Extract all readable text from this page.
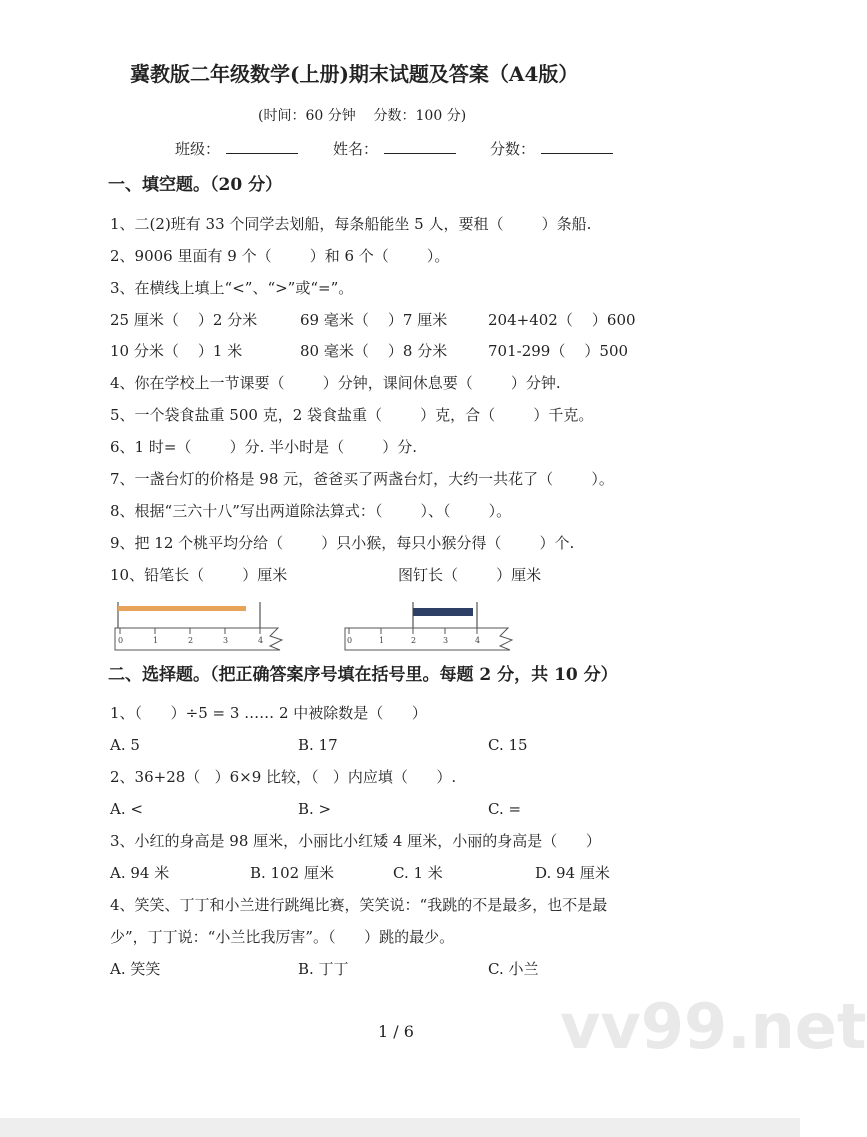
冀教版二年级数学(上册)期末试题及答案（A4版）
(时间：60 分钟    分数：100 分)
班级：	姓名：	分数：
一、填空题。（20 分）
1、二(2)班有 33 个同学去划船，每条船能坐 5 人，要租（        ）条船.
2、9006 里面有 9 个（        ）和 6 个（        ）。
3、在横线上填上“<”、“>”或“=”。
25 厘米（    ）2 分米	69 毫米（    ）7 厘米	204+402（    ）600
10 分米（    ）1 米	80 毫米（    ）8 分米	701-299（    ）500
4、你在学校上一节课要（        ）分钟，课间休息要（        ）分钟.
5、一个袋食盐重 500 克，2 袋食盐重（        ）克，合（        ）千克。
6、1 时=（        ）分. 半小时是（        ）分.
7、一盏台灯的价格是 98 元，爸爸买了两盏台灯，大约一共花了（        ）。
8、根据“三六十八”写出两道除法算式：（        ）、（        ）。
9、把 12 个桃平均分给（        ）只小猴，每只小猴分得（        ）个.
10、铅笔长（        ）厘米	图钉长（        ）厘米
0	1	2	3	4	0	1	2	3	4
二、选择题。（把正确答案序号填在括号里。每题 2 分，共 10 分）
1、（      ）÷5 = 3 …… 2 中被除数是（      ）
A. 5	B. 17	C. 15
2、36+28（   ）6×9 比较，（   ）内应填（      ）.
A. <	B. >	C. =
3、小红的身高是 98 厘米，小丽比小红矮 4 厘米，小丽的身高是（      ）
A. 94 米	B. 102 厘米	C. 1 米	D. 94 厘米
4、笑笑、丁丁和小兰进行跳绳比赛，笑笑说：“我跳的不是最多，也不是最
少”，丁丁说：“小兰比我厉害”。（      ）跳的最少。
A. 笑笑	B. 丁丁	C. 小兰
vv99.net
1 / 6
